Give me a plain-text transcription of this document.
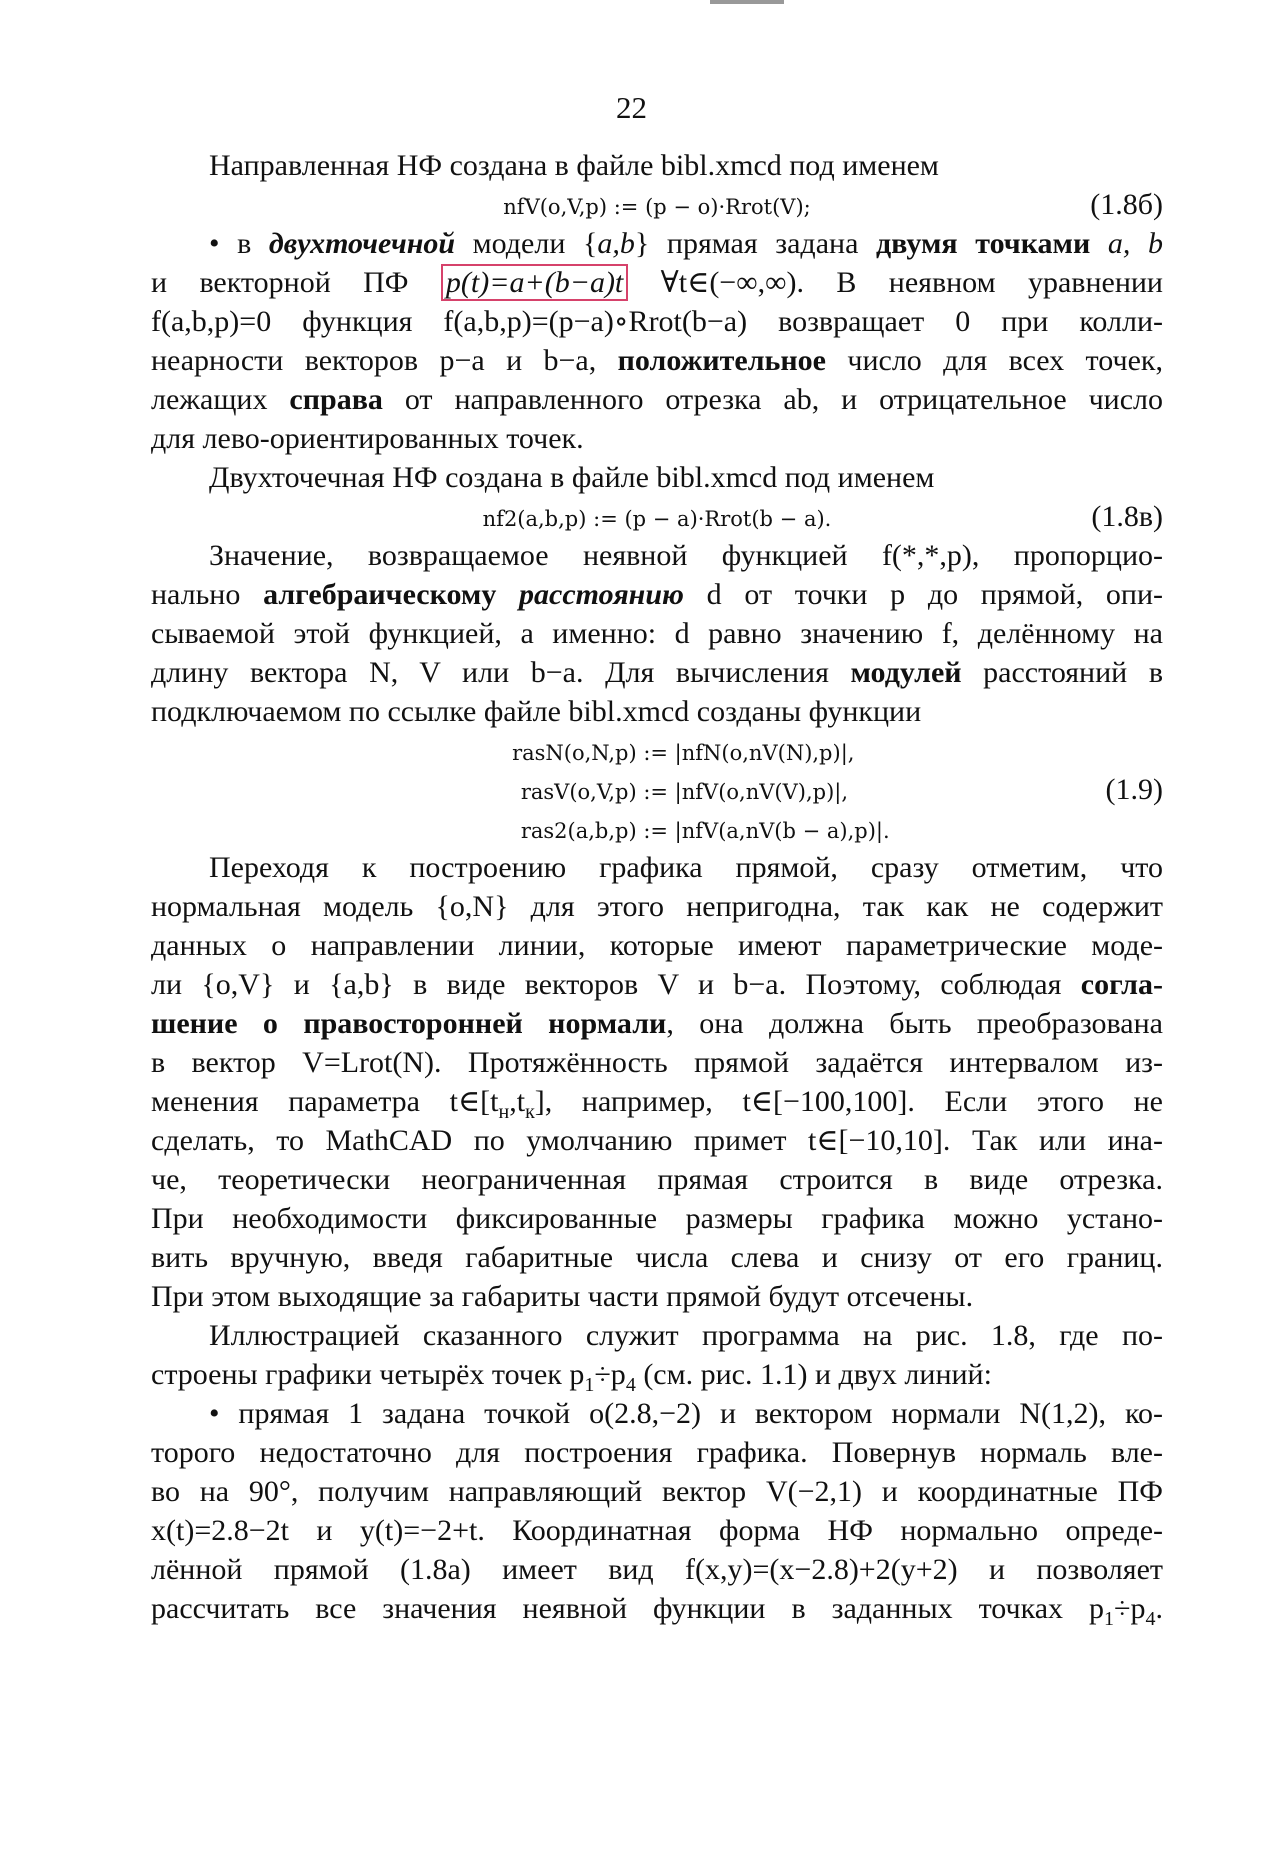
22
Направленная НФ создана в файле bibl.xmcd под именем
nfV(o,V,p) := (p − o)·Rrot(V);	(1.8б)
• в двухточечной модели {a,b} прямая задана двумя точками a, b
и векторной ПФ p(t)=a+(b−a)t ∀t∈(−∞,∞). В неявном уравнении
f(a,b,p)=0 функция f(a,b,p)=(p−a)∘Rrot(b−a) возвращает 0 при колли-
неарности векторов p−a и b−a, положительное число для всех точек,
лежащих справа от направленного отрезка ab, и отрицательное число
для лево-ориентированных точек.
Двухточечная НФ создана в файле bibl.xmcd под именем
nf2(a,b,p) := (p − a)·Rrot(b − a).	(1.8в)
Значение, возвращаемое неявной функцией f(*,*,p), пропорцио-
нально алгебраическому расстоянию d от точки p до прямой, опи-
сываемой этой функцией, а именно: d равно значению f, делённому на
длину вектора N, V или b−a. Для вычисления модулей расстояний в
подключаемом по ссылке файле bibl.xmcd созданы функции
rasN(o,N,p) := |nfN(o,nV(N),p)|,
rasV(o,V,p) := |nfV(o,nV(V),p)|,
ras2(a,b,p) := |nfV(a,nV(b − a),p)|.
(1.9)
Переходя к построению графика прямой, сразу отметим, что
нормальная модель {o,N} для этого непригодна, так как не содержит
данных о направлении линии, которые имеют параметрические моде-
ли {o,V} и {a,b} в виде векторов V и b−a. Поэтому, соблюдая согла-
шение о правосторонней нормали, она должна быть преобразована
в вектор V=Lrot(N). Протяжённость прямой задаётся интервалом из-
менения параметра $t\in[t_н,t_к]$, например, t∈[−100,100]. Если этого не
сделать, то MathCAD по умолчанию примет t∈[−10,10]. Так или ина-
че, теоретически неограниченная прямая строится в виде отрезка.
При необходимости фиксированные размеры графика можно устано-
вить вручную, введя габаритные числа слева и снизу от его границ.
При этом выходящие за габариты части прямой будут отсечены.
Иллюстрацией сказанного служит программа на рис. 1.8, где по-
строены графики четырёх точек $p_1\div p_4$ (см. рис. 1.1) и двух линий:
• прямая 1 задана точкой o(2.8,−2) и вектором нормали N(1,2), ко-
торого недостаточно для построения графика. Повернув нормаль вле-
во на 90°, получим направляющий вектор V(−2,1) и координатные ПФ
x(t)=2.8−2t и y(t)=−2+t. Координатная форма НФ нормально опреде-
лённой прямой (1.8а) имеет вид f(x,y)=(x−2.8)+2(y+2) и позволяет
рассчитать все значения неявной функции в заданных точках $p_1\div p_4$.
